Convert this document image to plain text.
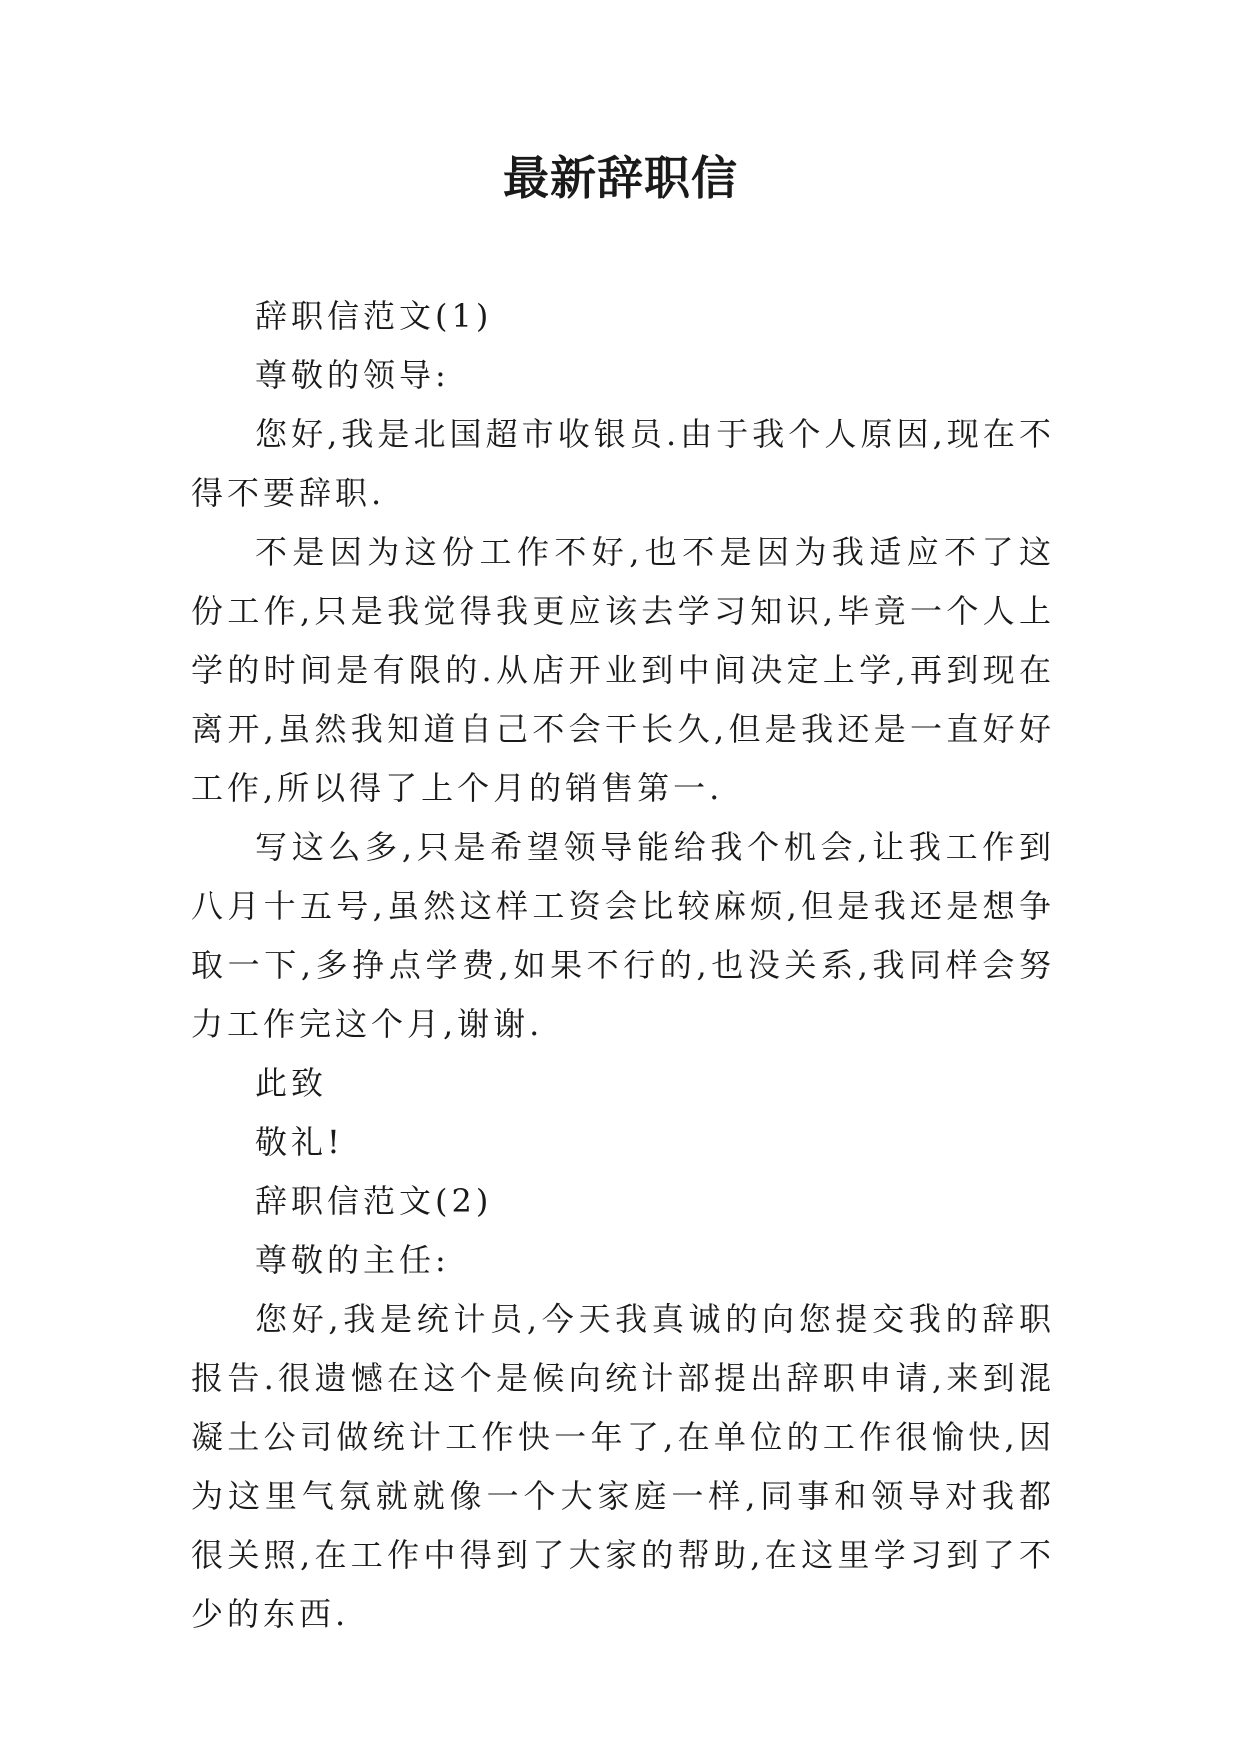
最新辞职信

辞职信范文(1)

尊敬的领导:

您好,我是北国超市收银员.由于我个人原因,现在不得不要辞职.

不是因为这份工作不好,也不是因为我适应不了这份工作,只是我觉得我更应该去学习知识,毕竟一个人上学的时间是有限的.从店开业到中间决定上学,再到现在离开,虽然我知道自己不会干长久,但是我还是一直好好工作,所以得了上个月的销售第一.

写这么多,只是希望领导能给我个机会,让我工作到八月十五号,虽然这样工资会比较麻烦,但是我还是想争取一下,多挣点学费,如果不行的,也没关系,我同样会努力工作完这个月,谢谢.

此致

敬礼!

辞职信范文(2)

尊敬的主任:

您好,我是统计员,今天我真诚的向您提交我的辞职报告.很遗憾在这个是候向统计部提出辞职申请,来到混凝土公司做统计工作快一年了,在单位的工作很愉快,因为这里气氛就就像一个大家庭一样,同事和领导对我都很关照,在工作中得到了大家的帮助,在这里学习到了不少的东西.
